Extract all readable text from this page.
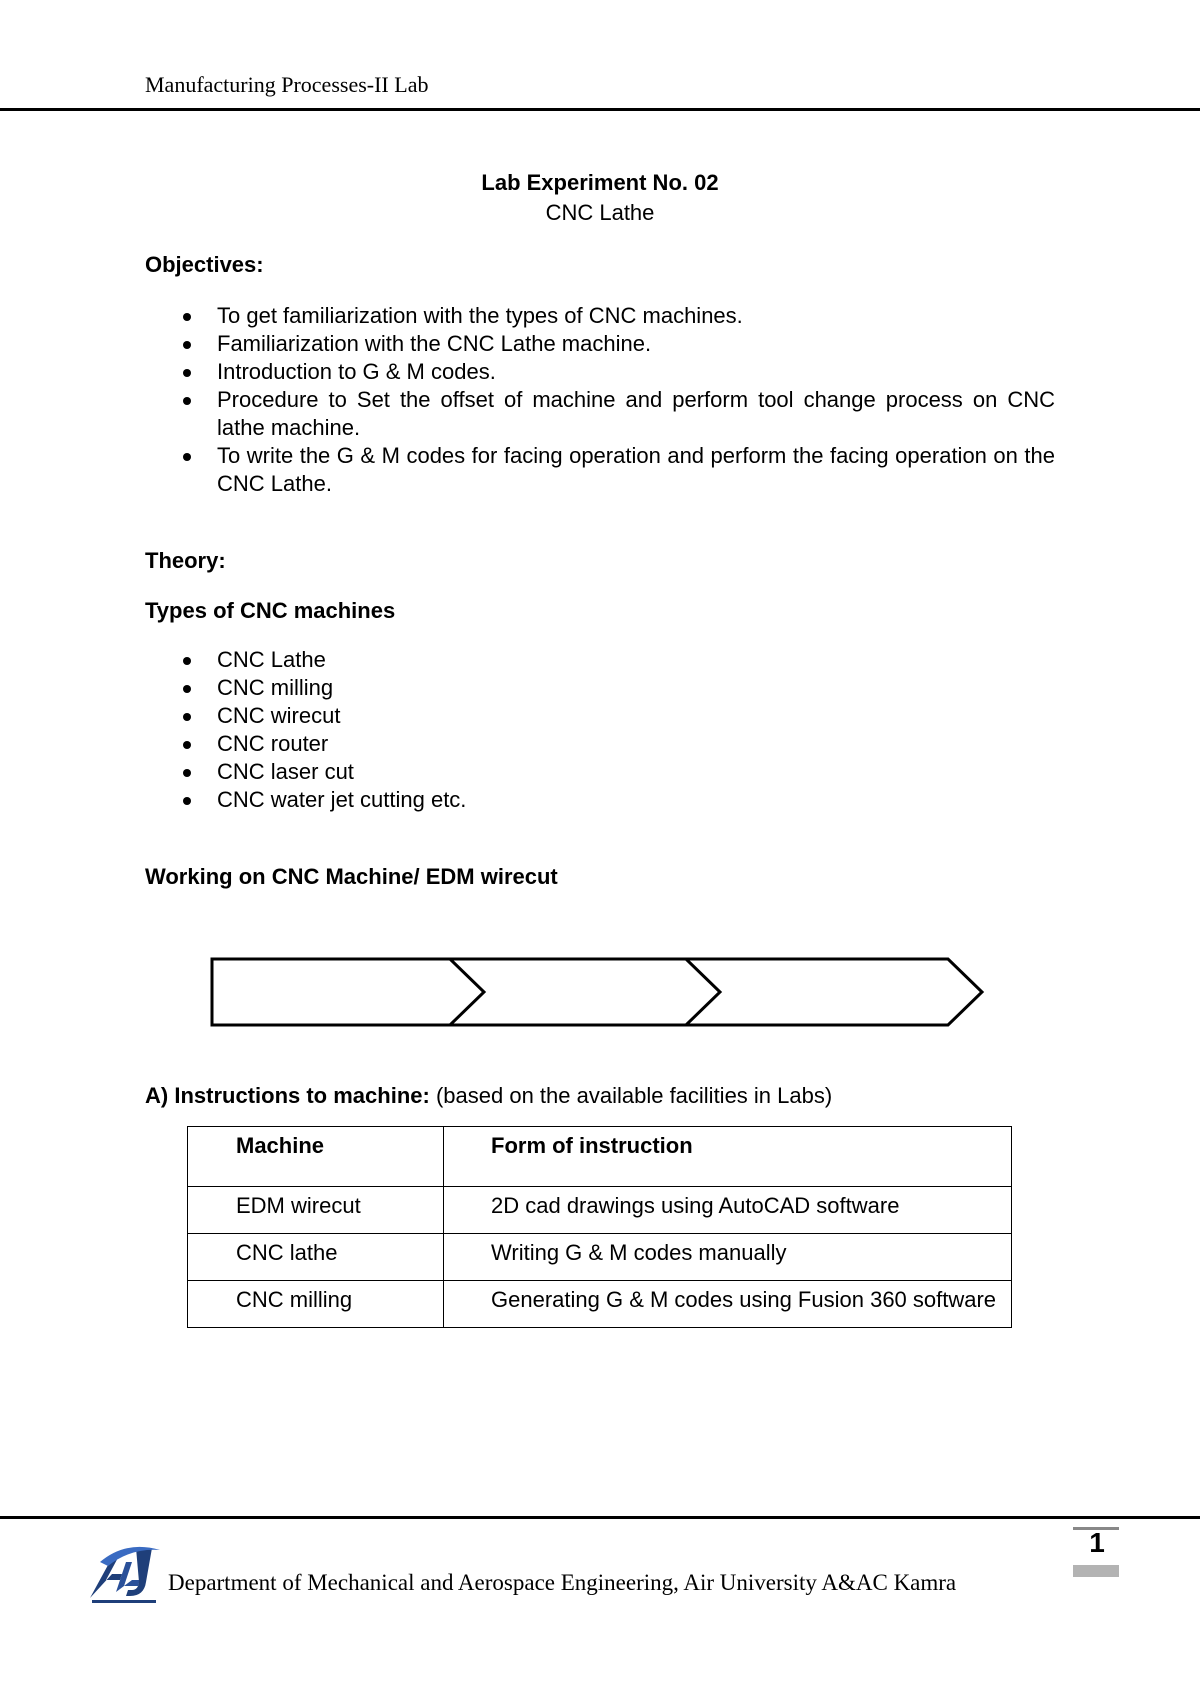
Manufacturing Processes-II Lab
Lab Experiment No. 02
CNC Lathe
Objectives:
To get familiarization with the types of CNC machines.
Familiarization with the CNC Lathe machine.
Introduction to G & M codes.
Procedure to Set the offset of machine and perform tool change process on CNC lathe machine.
To write the G & M codes for facing operation and perform the facing operation on the CNC Lathe.
Theory:
Types of CNC machines
CNC Lathe
CNC milling
CNC wirecut
CNC router
CNC laser cut
CNC water jet cutting etc.
Working on CNC Machine/ EDM wirecut
A) Instructions to machine: (based on the available facilities in Labs)
Machine	Form of instruction
EDM wirecut	2D cad drawings using AutoCAD software
CNC lathe	Writing G & M codes manually
CNC milling	Generating G & M codes using Fusion 360 software
1
Department of Mechanical and Aerospace Engineering, Air University A&AC Kamra
